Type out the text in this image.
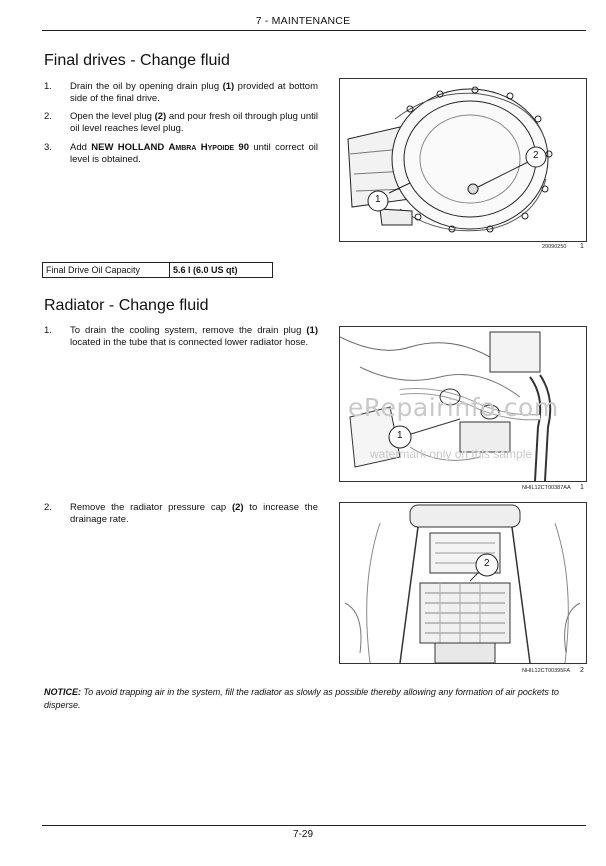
7 - MAINTENANCE
Final drives - Change fluid
1.	Drain the oil by opening drain plug (1) provided at bottom side of the final drive.
2.	Open the level plug (2) and pour fresh oil through plug until oil level reaches level plug.
3.	Add NEW HOLLAND Ambra Hypoide 90 until correct oil level is obtained.
1
2
20090250 1
Final Drive Oil Capacity	5.6 l (6.0 US qt)
Radiator - Change fluid
1.	To drain the cooling system, remove the drain plug (1) located in the tube that is connected lower radiator hose.
1
eRepairinfo.com
watermark only on this sample
NHIL12CT00387AA 1
2.	Remove the radiator pressure cap (2) to increase the drainage rate.
2
NHIL12CT00395FA 2
NOTICE: To avoid trapping air in the system, fill the radiator as slowly as possible thereby allowing any formation of air pockets to disperse.
7-29
